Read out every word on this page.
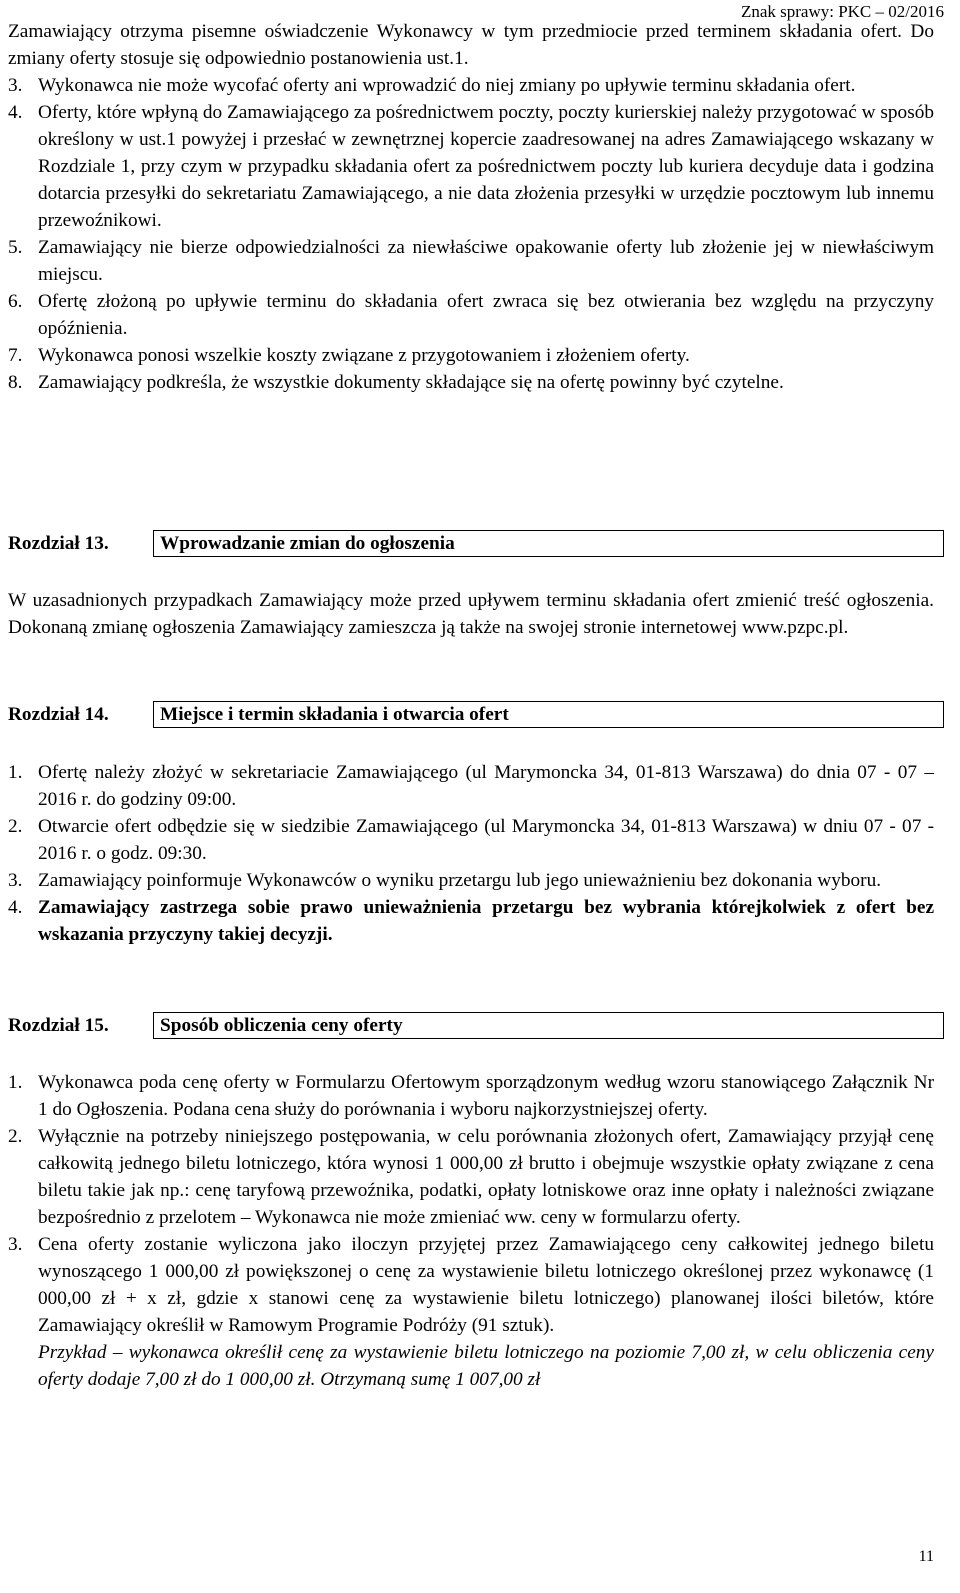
Znak sprawy: PKC – 02/2016
Zamawiający otrzyma pisemne oświadczenie Wykonawcy w tym przedmiocie przed terminem składania ofert. Do zmiany oferty stosuje się odpowiednio postanowienia ust.1.
3. Wykonawca nie może wycofać oferty ani wprowadzić do niej zmiany po upływie terminu składania ofert.
4. Oferty, które wpłyną do Zamawiającego za pośrednictwem poczty, poczty kurierskiej należy przygotować w sposób określony w ust.1 powyżej i przesłać w zewnętrznej kopercie zaadresowanej na adres Zamawiającego wskazany w Rozdziale 1, przy czym w przypadku składania ofert za pośrednictwem poczty lub kuriera decyduje data i godzina dotarcia przesyłki do sekretariatu Zamawiającego, a nie data złożenia przesyłki w urzędzie pocztowym lub innemu przewoźnikowi.
5. Zamawiający nie bierze odpowiedzialności za niewłaściwe opakowanie oferty lub złożenie jej w niewłaściwym miejscu.
6. Ofertę złożoną po upływie terminu do składania ofert zwraca się bez otwierania bez względu na przyczyny opóźnienia.
7. Wykonawca ponosi wszelkie koszty związane z przygotowaniem i złożeniem oferty.
8. Zamawiający podkreśla, że wszystkie dokumenty składające się na ofertę powinny być czytelne.
Rozdział 13.	Wprowadzanie zmian do ogłoszenia
W uzasadnionych przypadkach Zamawiający może przed upływem terminu składania ofert zmienić treść ogłoszenia. Dokonaną zmianę ogłoszenia Zamawiający zamieszcza ją także na swojej stronie internetowej www.pzpc.pl.
Rozdział 14.	Miejsce i termin składania i otwarcia ofert
1. Ofertę należy złożyć w sekretariacie Zamawiającego (ul Marymoncka 34, 01-813 Warszawa) do dnia 07 - 07 – 2016 r. do godziny 09:00.
2. Otwarcie ofert odbędzie się w siedzibie Zamawiającego (ul Marymoncka 34, 01-813 Warszawa) w dniu 07 - 07 - 2016 r. o godz. 09:30.
3. Zamawiający poinformuje Wykonawców o wyniku przetargu lub jego unieważnieniu bez dokonania wyboru.
4. Zamawiający zastrzega sobie prawo unieważnienia przetargu bez wybrania którejkolwiek z ofert bez wskazania przyczyny takiej decyzji.
Rozdział 15.	Sposób obliczenia ceny oferty
1. Wykonawca poda cenę oferty w Formularzu Ofertowym sporządzonym według wzoru stanowiącego Załącznik Nr 1 do Ogłoszenia. Podana cena służy do porównania i wyboru najkorzystniejszej oferty.
2. Wyłącznie na potrzeby niniejszego postępowania, w celu porównania złożonych ofert, Zamawiający przyjął cenę całkowitą jednego biletu lotniczego, która wynosi 1 000,00 zł brutto i obejmuje wszystkie opłaty związane z cena biletu takie jak np.: cenę taryfową przewoźnika, podatki, opłaty lotniskowe oraz inne opłaty i należności związane bezpośrednio z przelotem – Wykonawca nie może zmieniać ww. ceny w formularzu oferty.
3. Cena oferty zostanie wyliczona jako iloczyn przyjętej przez Zamawiającego ceny całkowitej jednego biletu wynoszącego 1 000,00 zł powiększonej o cenę za wystawienie biletu lotniczego określonej przez wykonawcę (1 000,00 zł + x zł, gdzie x stanowi cenę za wystawienie biletu lotniczego) planowanej ilości biletów, które Zamawiający określił w Ramowym Programie Podróży (91 sztuk).
Przykład – wykonawca określił cenę za wystawienie biletu lotniczego na poziomie 7,00 zł, w celu obliczenia ceny oferty dodaje 7,00 zł do 1 000,00 zł. Otrzymaną sumę 1 007,00 zł
11
